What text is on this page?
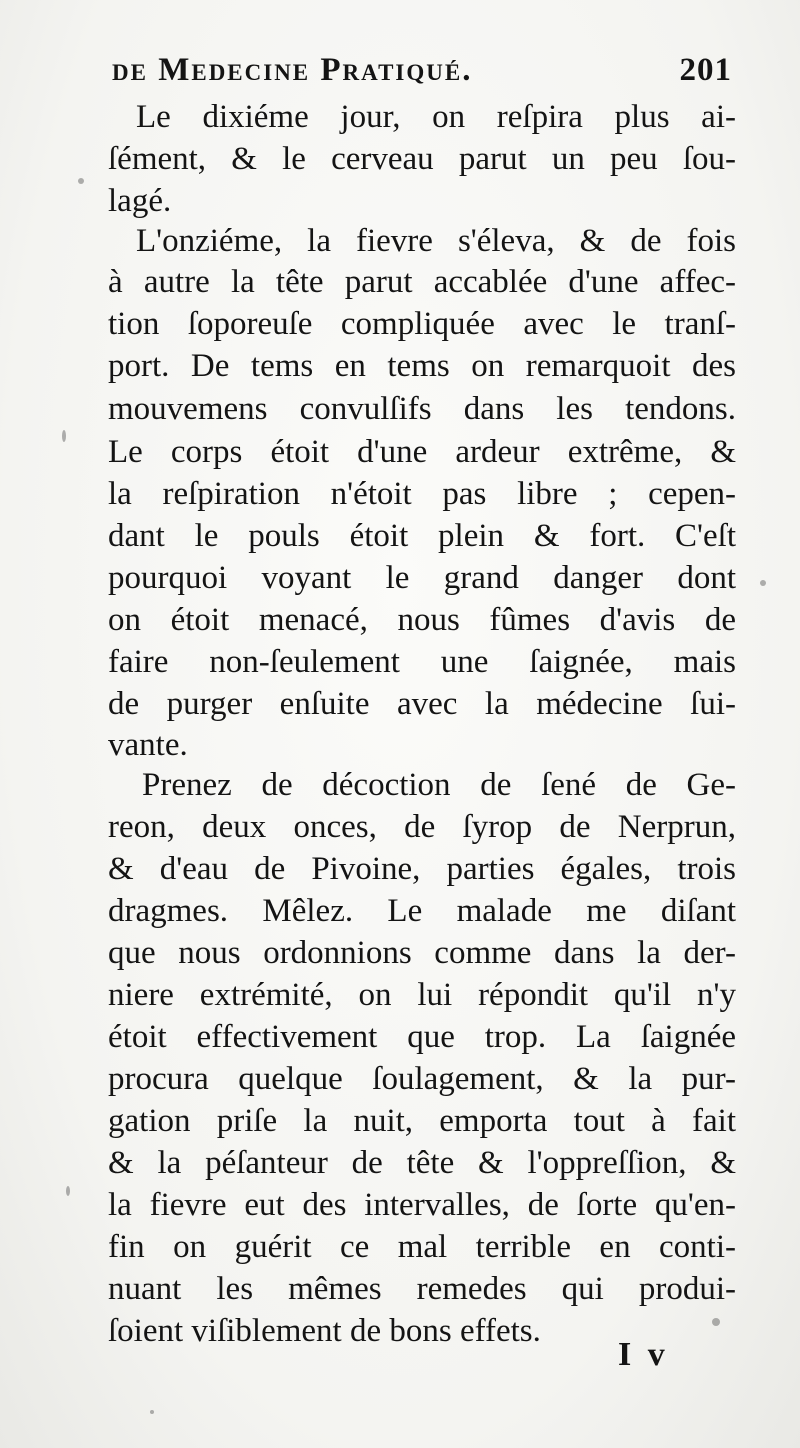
de Medecine Pratiqué.	201
Le dixiéme jour, on reſpira plus ai-
ſément, & le cerveau parut un peu ſou-
lagé.
L'onziéme, la fievre s'éleva, & de fois
à autre la tête parut accablée d'une affec-
tion ſoporeuſe compliquée avec le tranſ-
port. De tems en tems on remarquoit des
mouvemens convulſifs dans les tendons.
Le corps étoit d'une ardeur extrême, &
la reſpiration n'étoit pas libre ; cepen-
dant le pouls étoit plein & fort. C'eſt
pourquoi voyant le grand danger dont
on étoit menacé, nous fûmes d'avis de
faire non-ſeulement une ſaignée, mais
de purger enſuite avec la médecine ſui-
vante.
Prenez de décoction de ſené de Ge-
reon, deux onces, de ſyrop de Nerprun,
& d'eau de Pivoine, parties égales, trois
dragmes. Mêlez. Le malade me diſant
que nous ordonnions comme dans la der-
niere extrémité, on lui répondit qu'il n'y
étoit effectivement que trop. La ſaignée
procura quelque ſoulagement, & la pur-
gation priſe la nuit, emporta tout à fait
& la péſanteur de tête & l'oppreſſion, &
la fievre eut des intervalles, de ſorte qu'en-
fin on guérit ce mal terrible en conti-
nuant les mêmes remedes qui produi-
ſoient viſiblement de bons effets.
I v
